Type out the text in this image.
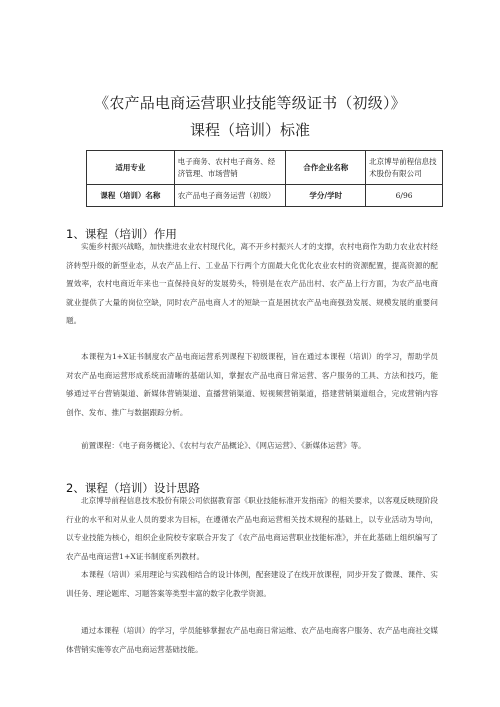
《农产品电商运营职业技能等级证书（初级）》
课程（培训）标准
适用专业	电子商务、农村电子商务、经济管理、市场营销	合作企业名称	北京博导前程信息技术股份有限公司
课程（培训）名称	农产品电子商务运营（初级）	学分/学时	6/96
1、课程（培训）作用

实施乡村振兴战略，加快推进农业农村现代化，离不开乡村振兴人才的支撑，农村电商作为助力农业农村经济转型升级的新型业态，从农产品上行、工业品下行两个方面最大化优化农业农村的资源配置，提高资源的配置效率，农村电商近年来也一直保持良好的发展势头，特别是在农产品出村、农产品上行方面，为农产品电商就业提供了大量的岗位空缺，同时农产品电商人才的短缺一直是困扰农产品电商强劲发展、规模发展的重要问题。

本课程为1+X证书制度农产品电商运营系列课程下初级课程，旨在通过本课程（培训）的学习，帮助学员对农产品电商运营形成系统而清晰的基础认知，掌握农产品电商日常运营、客户服务的工具、方法和技巧，能够通过平台营销渠道、新媒体营销渠道、直播营销渠道、短视频营销渠道，搭建营销渠道组合，完成营销内容创作、发布、推广与数据跟踪分析。

前置课程：《电子商务概论》、《农村与农产品概论》、《网店运营》、《新媒体运营》等。

2、课程（培训）设计思路

北京博导前程信息技术股份有限公司依据教育部《职业技能标准开发指南》的相关要求，以客观反映现阶段行业的水平和对从业人员的要求为目标，在遵循农产品电商运营相关技术规程的基础上，以专业活动为导向，以专业技能为核心，组织企业院校专家联合开发了《农产品电商运营职业技能标准》，并在此基础上组织编写了农产品电商运营1+X证书制度系列教材。

本课程（培训）采用理论与实践相结合的设计体例，配套建设了在线开放课程，同步开发了微课、课件、实训任务、理论题库、习题答案等类型丰富的数字化教学资源。

通过本课程（培训）的学习，学员能够掌握农产品电商日常运维、农产品电商客户服务、农产品电商社交媒体营销实施等农产品电商运营基础技能。
